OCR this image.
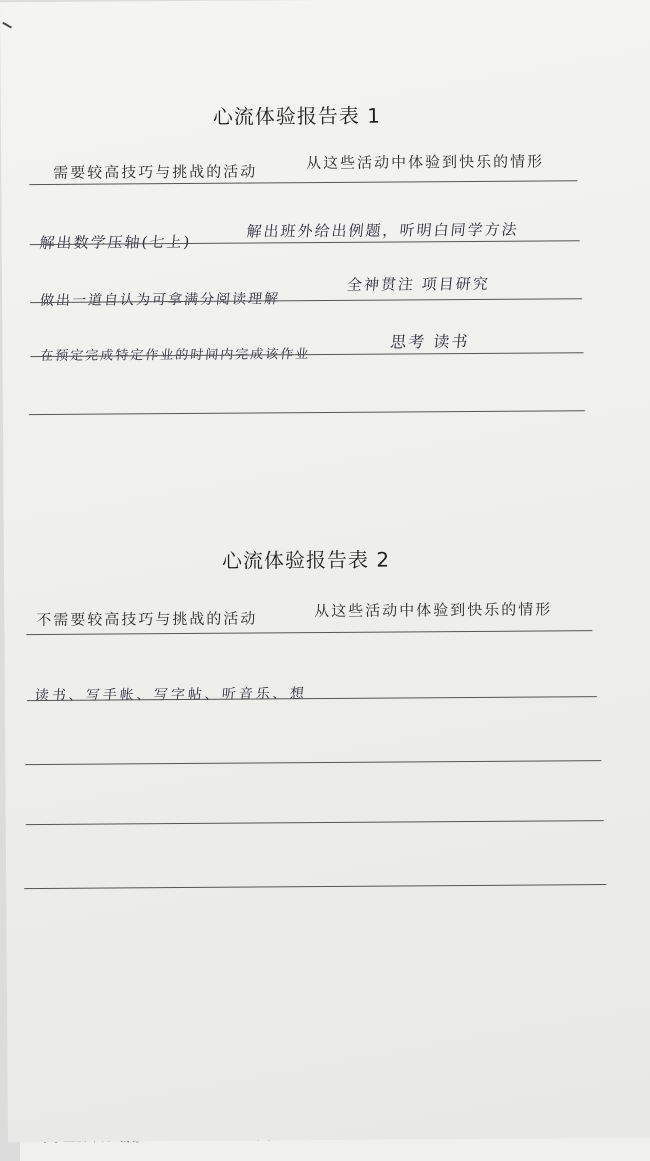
心流体验报告表 1
需要较高技巧与挑战的活动
从这些活动中体验到快乐的情形
解出数学压轴(七上)
解出班外给出例题，听明白同学方法
做出一道自认为可拿满分阅读理解
全神贯注 项目研究
在预定完成特定作业的时间内完成该作业
思考 读书
心流体验报告表 2
不需要较高技巧与挑战的活动	从这些活动中体验到快乐的情形
读书、写手帐、写字帖、听音乐、想
